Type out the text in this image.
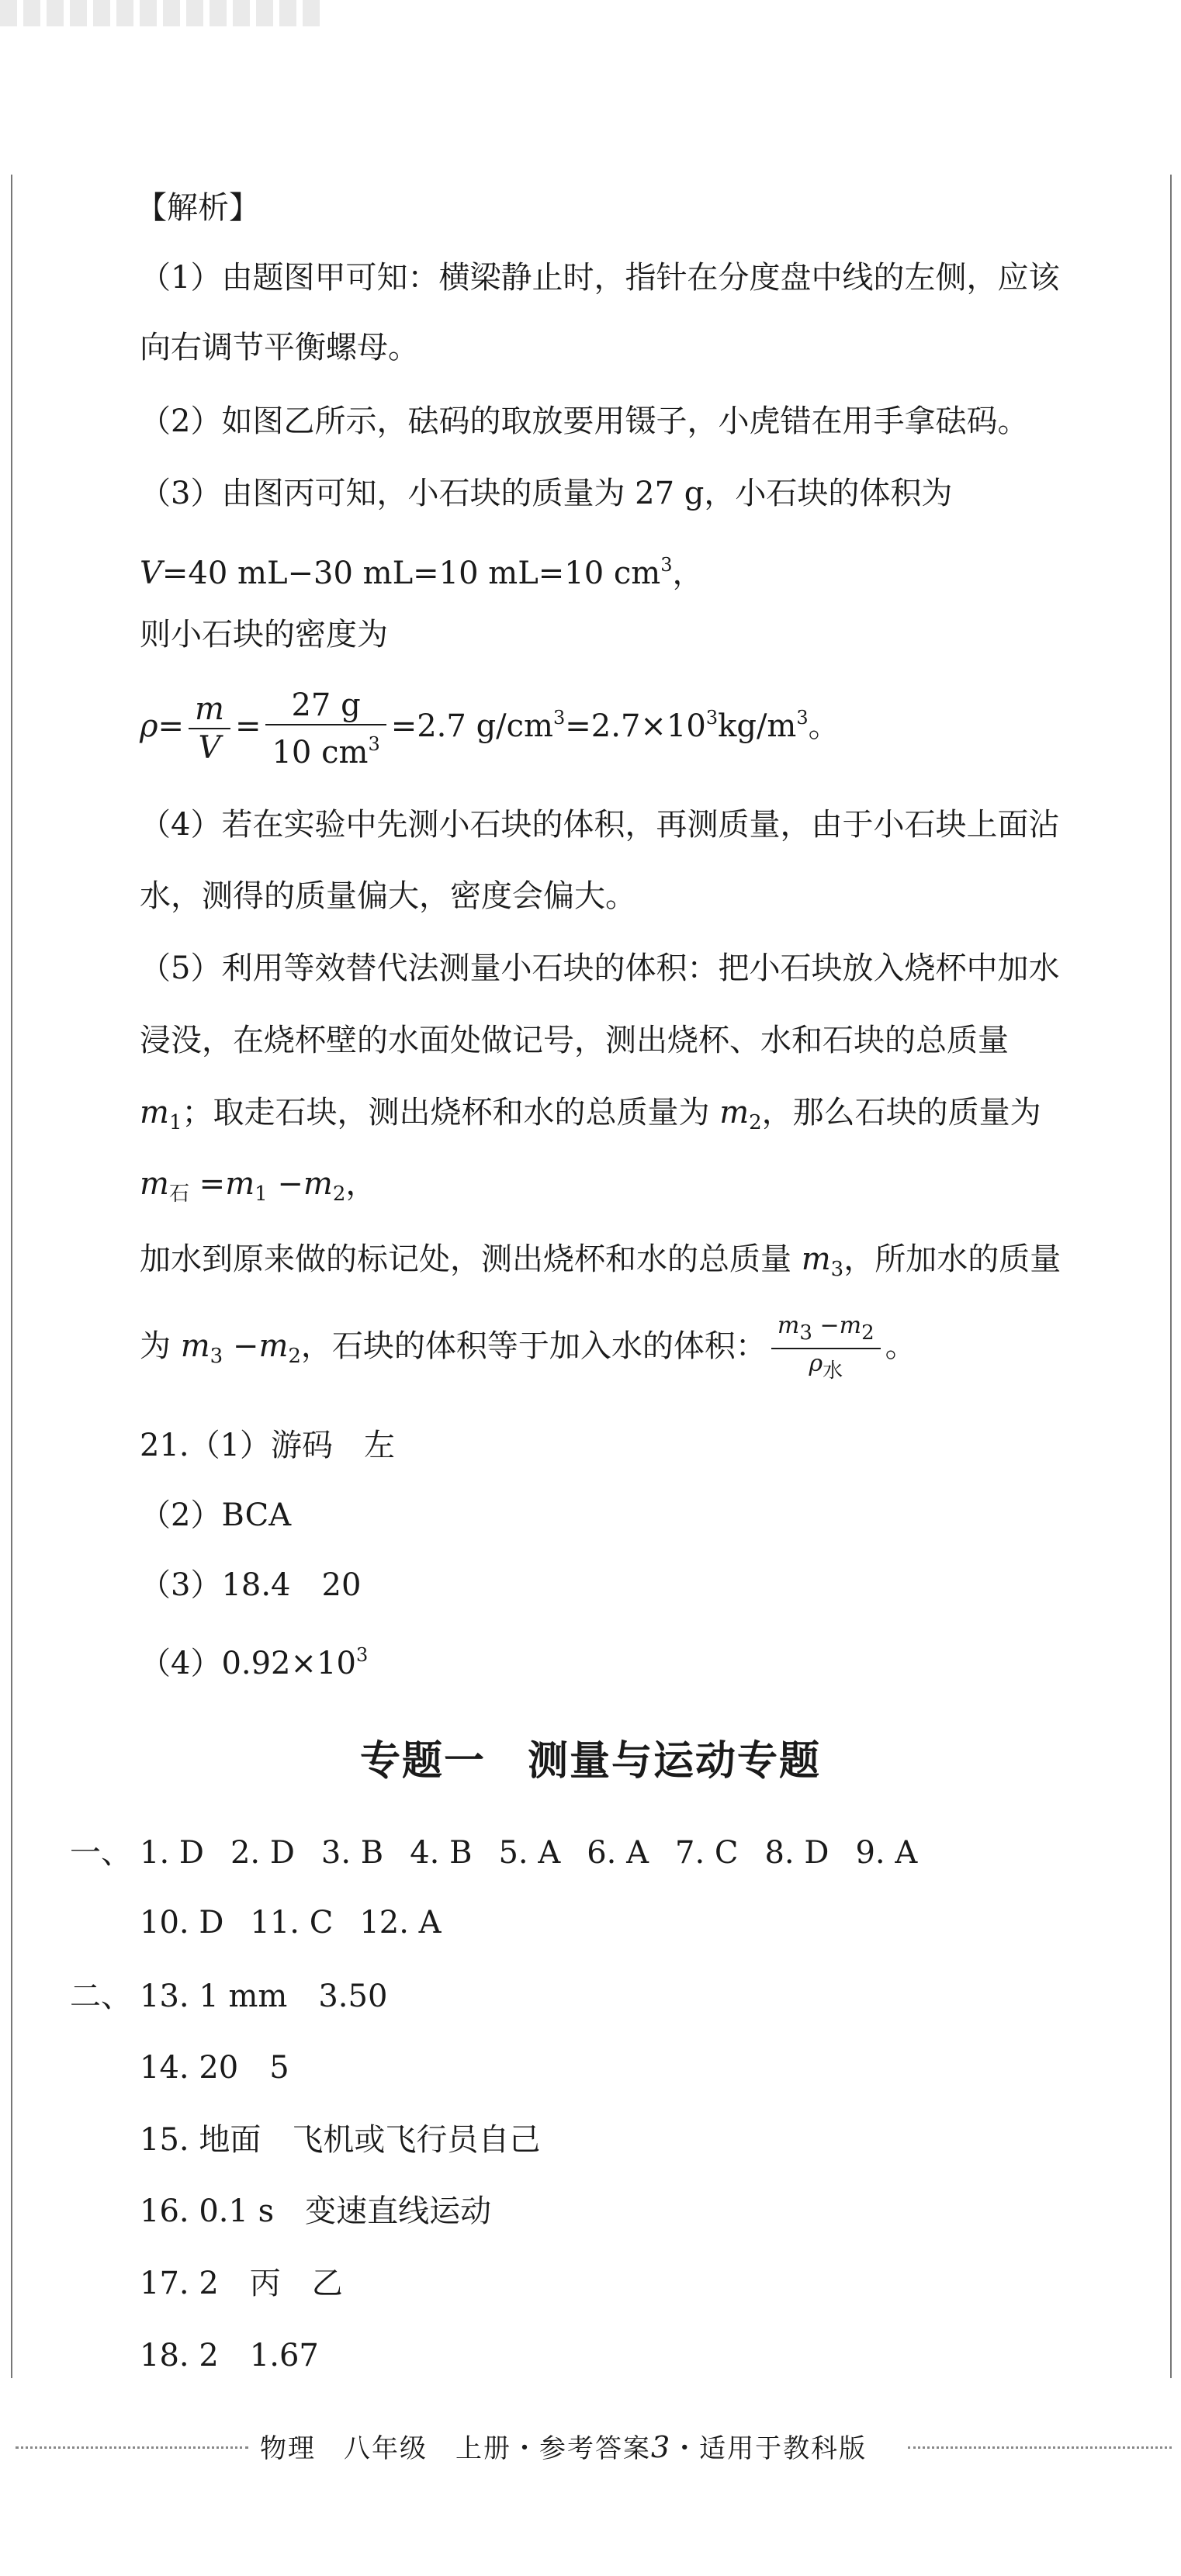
【解析】
（1）由题图甲可知：横梁静止时，指针在分度盘中线的左侧，应该
向右调节平衡螺母。
（2）如图乙所示，砝码的取放要用镊子，小虎错在用手拿砝码。
（3）由图丙可知，小石块的质量为 27 g，小石块的体积为
V=40 mL−30 mL=10 mL=10 $cm^3$，
则小石块的密度为
$\rho= \frac{m}{V} = \frac{27 g}{10 cm^3} =2.7$ $g/cm^3=2.7\times 10^3kg/m^3$。
（4）若在实验中先测小石块的体积，再测质量，由于小石块上面沾
水，测得的质量偏大，密度会偏大。
（5）利用等效替代法测量小石块的体积：把小石块放入烧杯中加水
浸没，在烧杯壁的水面处做记号，测出烧杯、水和石块的总质量
$m_1$；取走石块，测出烧杯和水的总质量为 $m_2$，那么石块的质量为
$m_石 =m_1 -m_2$，
加水到原来做的标记处，测出烧杯和水的总质量 $m_3$，所加水的质量
为 $m_3 -m_2$，石块的体积等于加入水的体积： $\frac{m_3 -m_2}{\rho_水}$ 。
21.（1）游码　左
（2）BCA
（3）18.4　20
$(4)0.92\times 10^3$
专题一　测量与运动专题
一、 1. D 2. D 3. B 4. B 5. A 6. A 7. C 8. D 9. A
10. D 11. C 12. A
二、 13. 1 mm　3.50
14. 20　5
15. 地面　飞机或飞行员自己
16. 0.1 s　变速直线运动
17. 2　丙　乙
18. 2　1.67
物理　八年级　上册・参考答案3・适用于教科版
